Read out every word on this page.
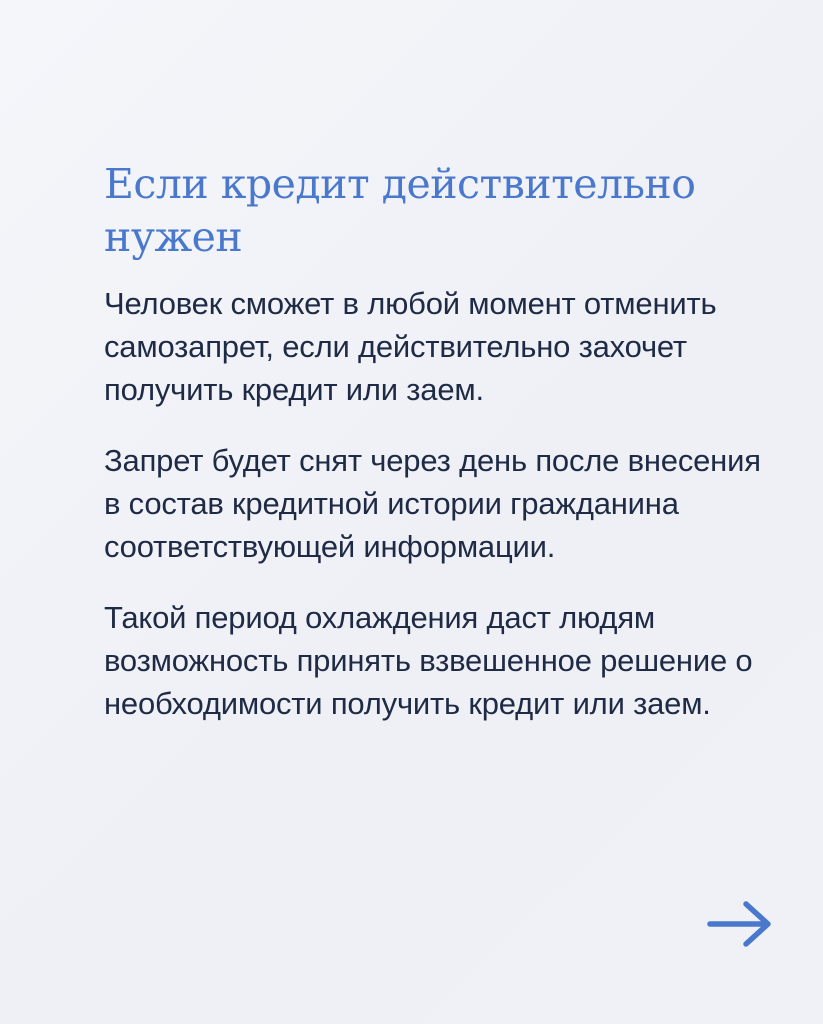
Если кредит действительно нужен

Человек сможет в любой момент отменить самозапрет, если действительно захочет получить кредит или заем.

Запрет будет снят через день после внесения в состав кредитной истории гражданина соответствующей информации.

Такой период охлаждения даст людям возможность принять взвешенное решение о необходимости получить кредит или заем.
